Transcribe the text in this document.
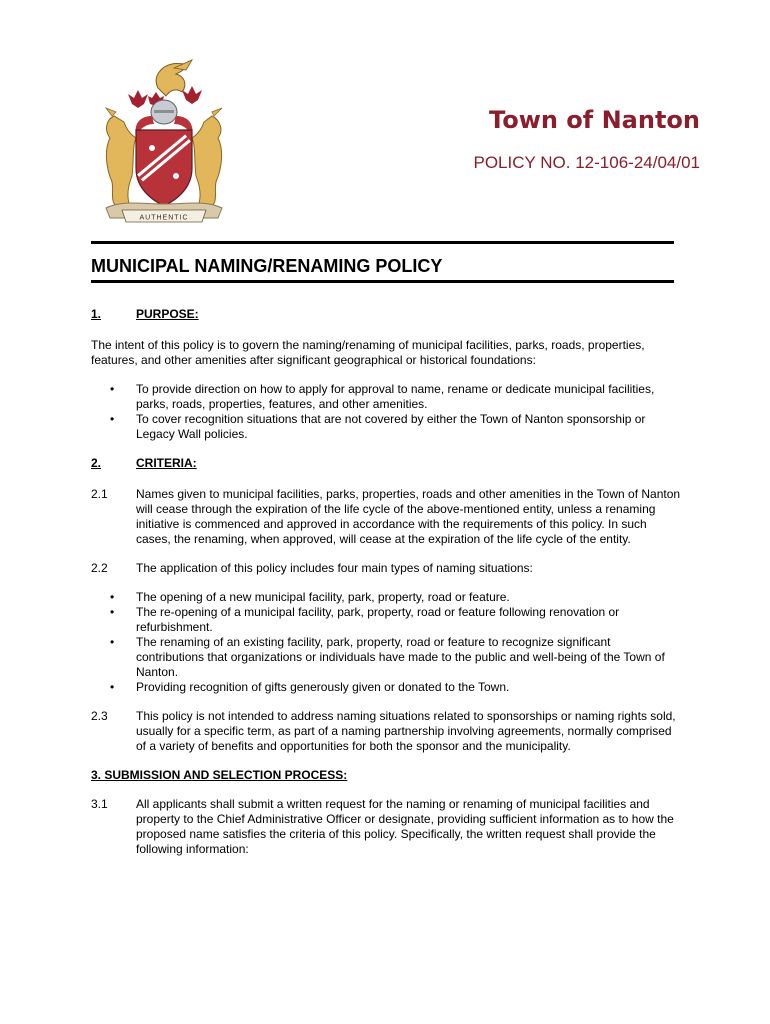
AUTHENTIC
Town of Nanton
POLICY NO. 12-106-24/04/01
MUNICIPAL NAMING/RENAMING POLICY
1.	PURPOSE:

The intent of this policy is to govern the naming/renaming of municipal facilities, parks, roads, properties, features, and other amenities after significant geographical or historical foundations:

• To provide direction on how to apply for approval to name, rename or dedicate municipal facilities, parks, roads, properties, features, and other amenities.
• To cover recognition situations that are not covered by either the Town of Nanton sponsorship or Legacy Wall policies.
2.	CRITERIA:
2.1 Names given to municipal facilities, parks, properties, roads and other amenities in the Town of Nanton will cease through the expiration of the life cycle of the above-mentioned entity, unless a renaming initiative is commenced and approved in accordance with the requirements of this policy. In such cases, the renaming, when approved, will cease at the expiration of the life cycle of the entity.
2.2 The application of this policy includes four main types of naming situations:
• The opening of a new municipal facility, park, property, road or feature.
• The re-opening of a municipal facility, park, property, road or feature following renovation or refurbishment.
• The renaming of an existing facility, park, property, road or feature to recognize significant contributions that organizations or individuals have made to the public and well-being of the Town of Nanton.
• Providing recognition of gifts generously given or donated to the Town.
2.3 This policy is not intended to address naming situations related to sponsorships or naming rights sold, usually for a specific term, as part of a naming partnership involving agreements, normally comprised of a variety of benefits and opportunities for both the sponsor and the municipality.
3. SUBMISSION AND SELECTION PROCESS:
3.1 All applicants shall submit a written request for the naming or renaming of municipal facilities and property to the Chief Administrative Officer or designate, providing sufficient information as to how the proposed name satisfies the criteria of this policy. Specifically, the written request shall provide the following information:
